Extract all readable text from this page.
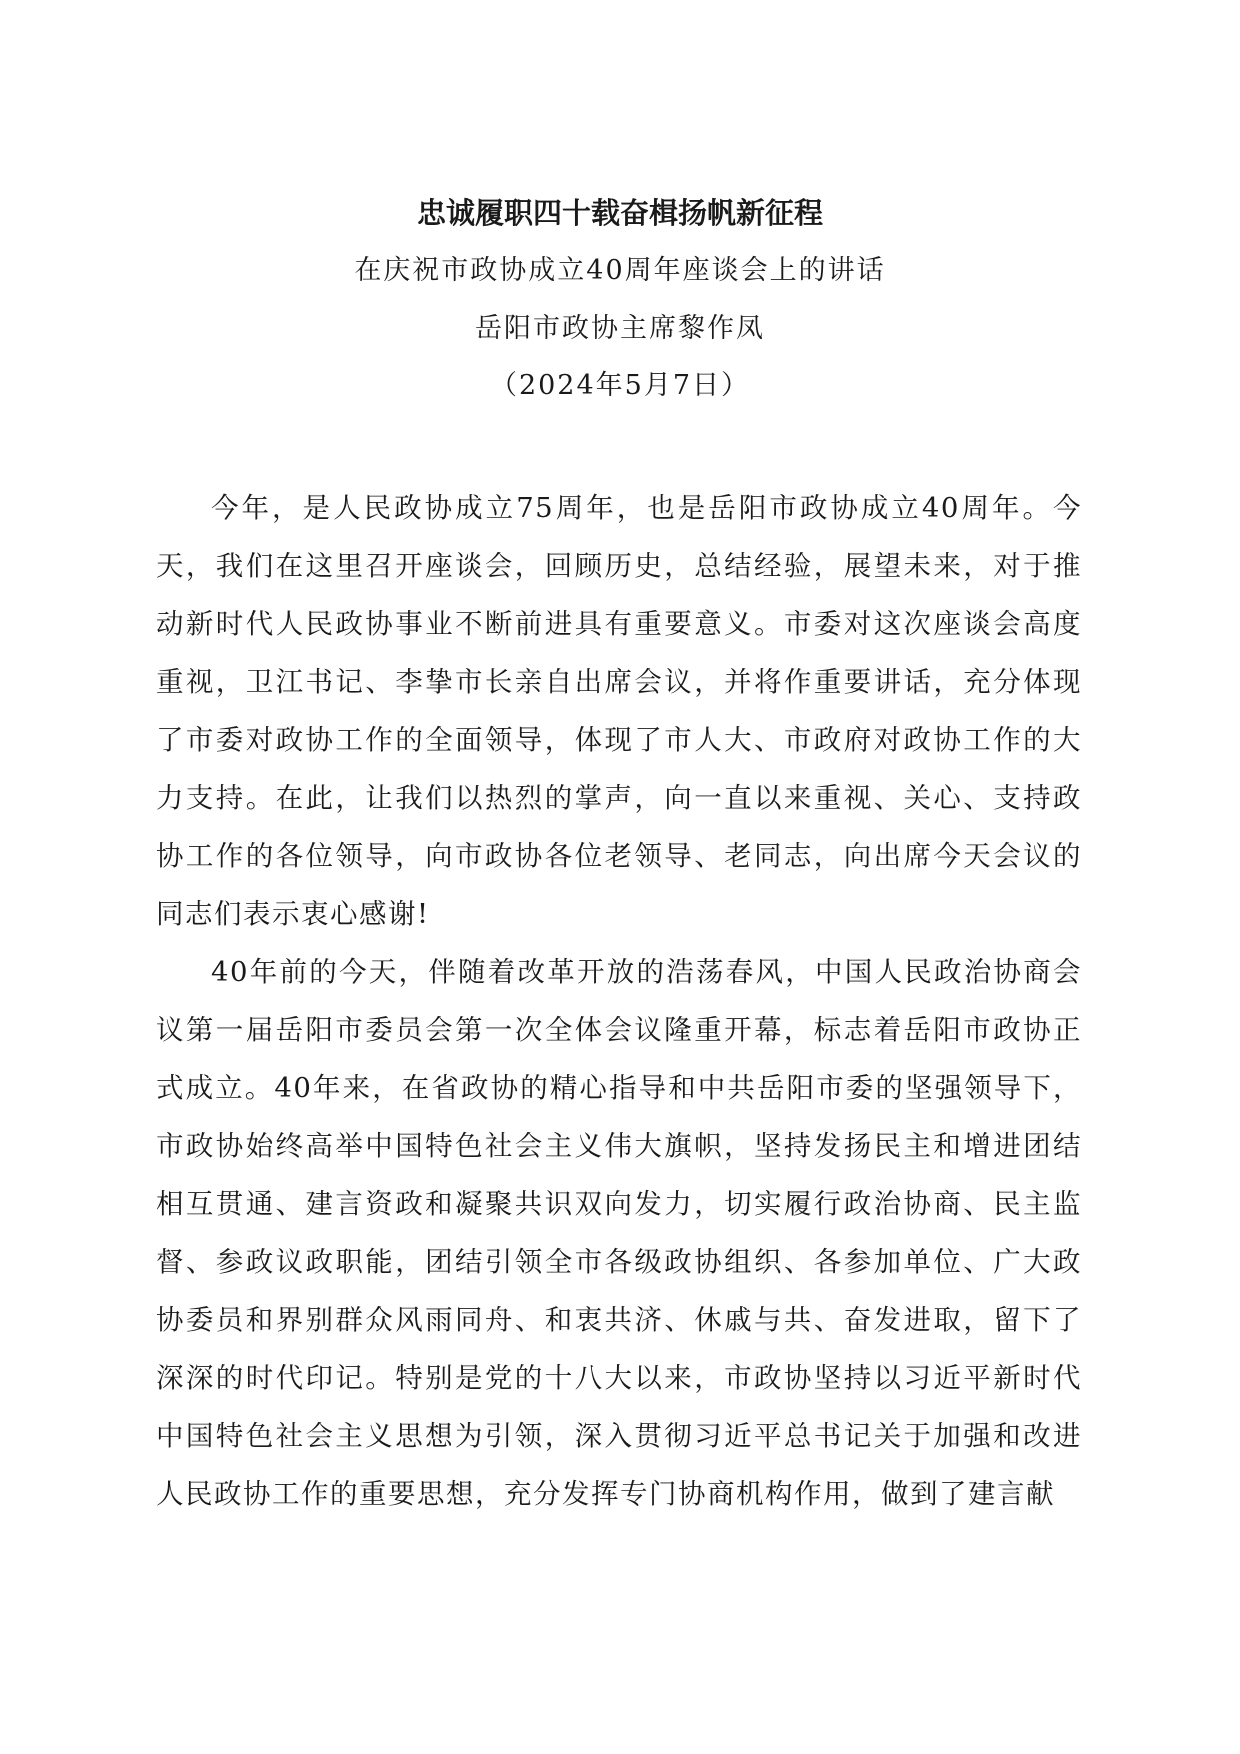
忠诚履职四十载奋楫扬帆新征程
在庆祝市政协成立40周年座谈会上的讲话
岳阳市政协主席黎作凤
（2024年5月7日）

今年，是人民政协成立75周年，也是岳阳市政协成立40周年。今天，我们在这里召开座谈会，回顾历史，总结经验，展望未来，对于推动新时代人民政协事业不断前进具有重要意义。市委对这次座谈会高度重视，卫江书记、李挚市长亲自出席会议，并将作重要讲话，充分体现了市委对政协工作的全面领导，体现了市人大、市政府对政协工作的大力支持。在此，让我们以热烈的掌声，向一直以来重视、关心、支持政协工作的各位领导，向市政协各位老领导、老同志，向出席今天会议的同志们表示衷心感谢!

40年前的今天，伴随着改革开放的浩荡春风，中国人民政治协商会议第一届岳阳市委员会第一次全体会议隆重开幕，标志着岳阳市政协正式成立。40年来，在省政协的精心指导和中共岳阳市委的坚强领导下，市政协始终高举中国特色社会主义伟大旗帜，坚持发扬民主和增进团结相互贯通、建言资政和凝聚共识双向发力，切实履行政治协商、民主监督、参政议政职能，团结引领全市各级政协组织、各参加单位、广大政协委员和界别群众风雨同舟、和衷共济、休戚与共、奋发进取，留下了深深的时代印记。特别是党的十八大以来，市政协坚持以习近平新时代中国特色社会主义思想为引领，深入贯彻习近平总书记关于加强和改进人民政协工作的重要思想，充分发挥专门协商机构作用，做到了建言献
